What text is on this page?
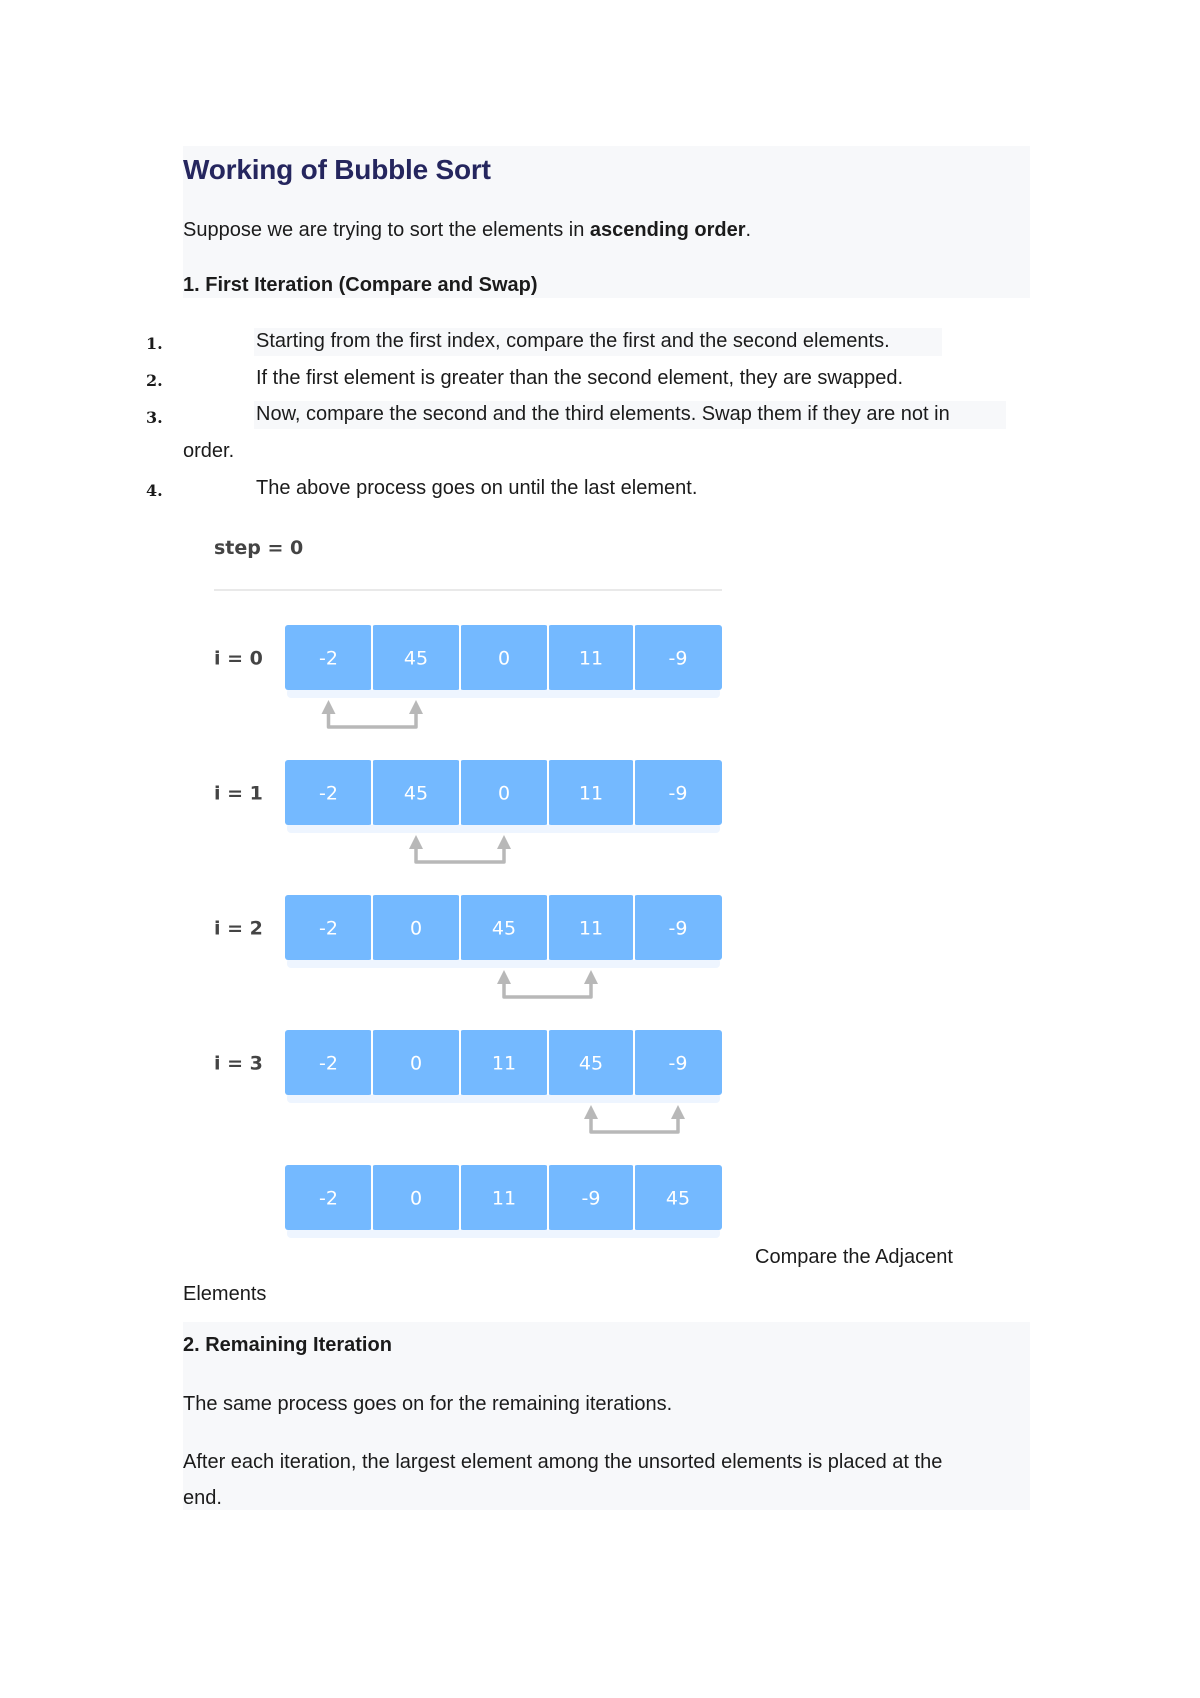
Working of Bubble Sort
Suppose we are trying to sort the elements in ascending order.
1. First Iteration (Compare and Swap)
1.	Starting from the first index, compare the first and the second elements.
2.	If the first element is greater than the second element, they are swapped.
3.	Now, compare the second and the third elements. Swap them if they are not in
order.
4.	The above process goes on until the last element.
step = 0
i = 0	-2	45	0	11	-9
i = 1	-2	45	0	11	-9
i = 2	-2	0	45	11	-9
i = 3	-2	0	11	45	-9
-2	0	11	-9	45
Compare the Adjacent
Elements
2. Remaining Iteration
The same process goes on for the remaining iterations.
After each iteration, the largest element among the unsorted elements is placed at the
end.
